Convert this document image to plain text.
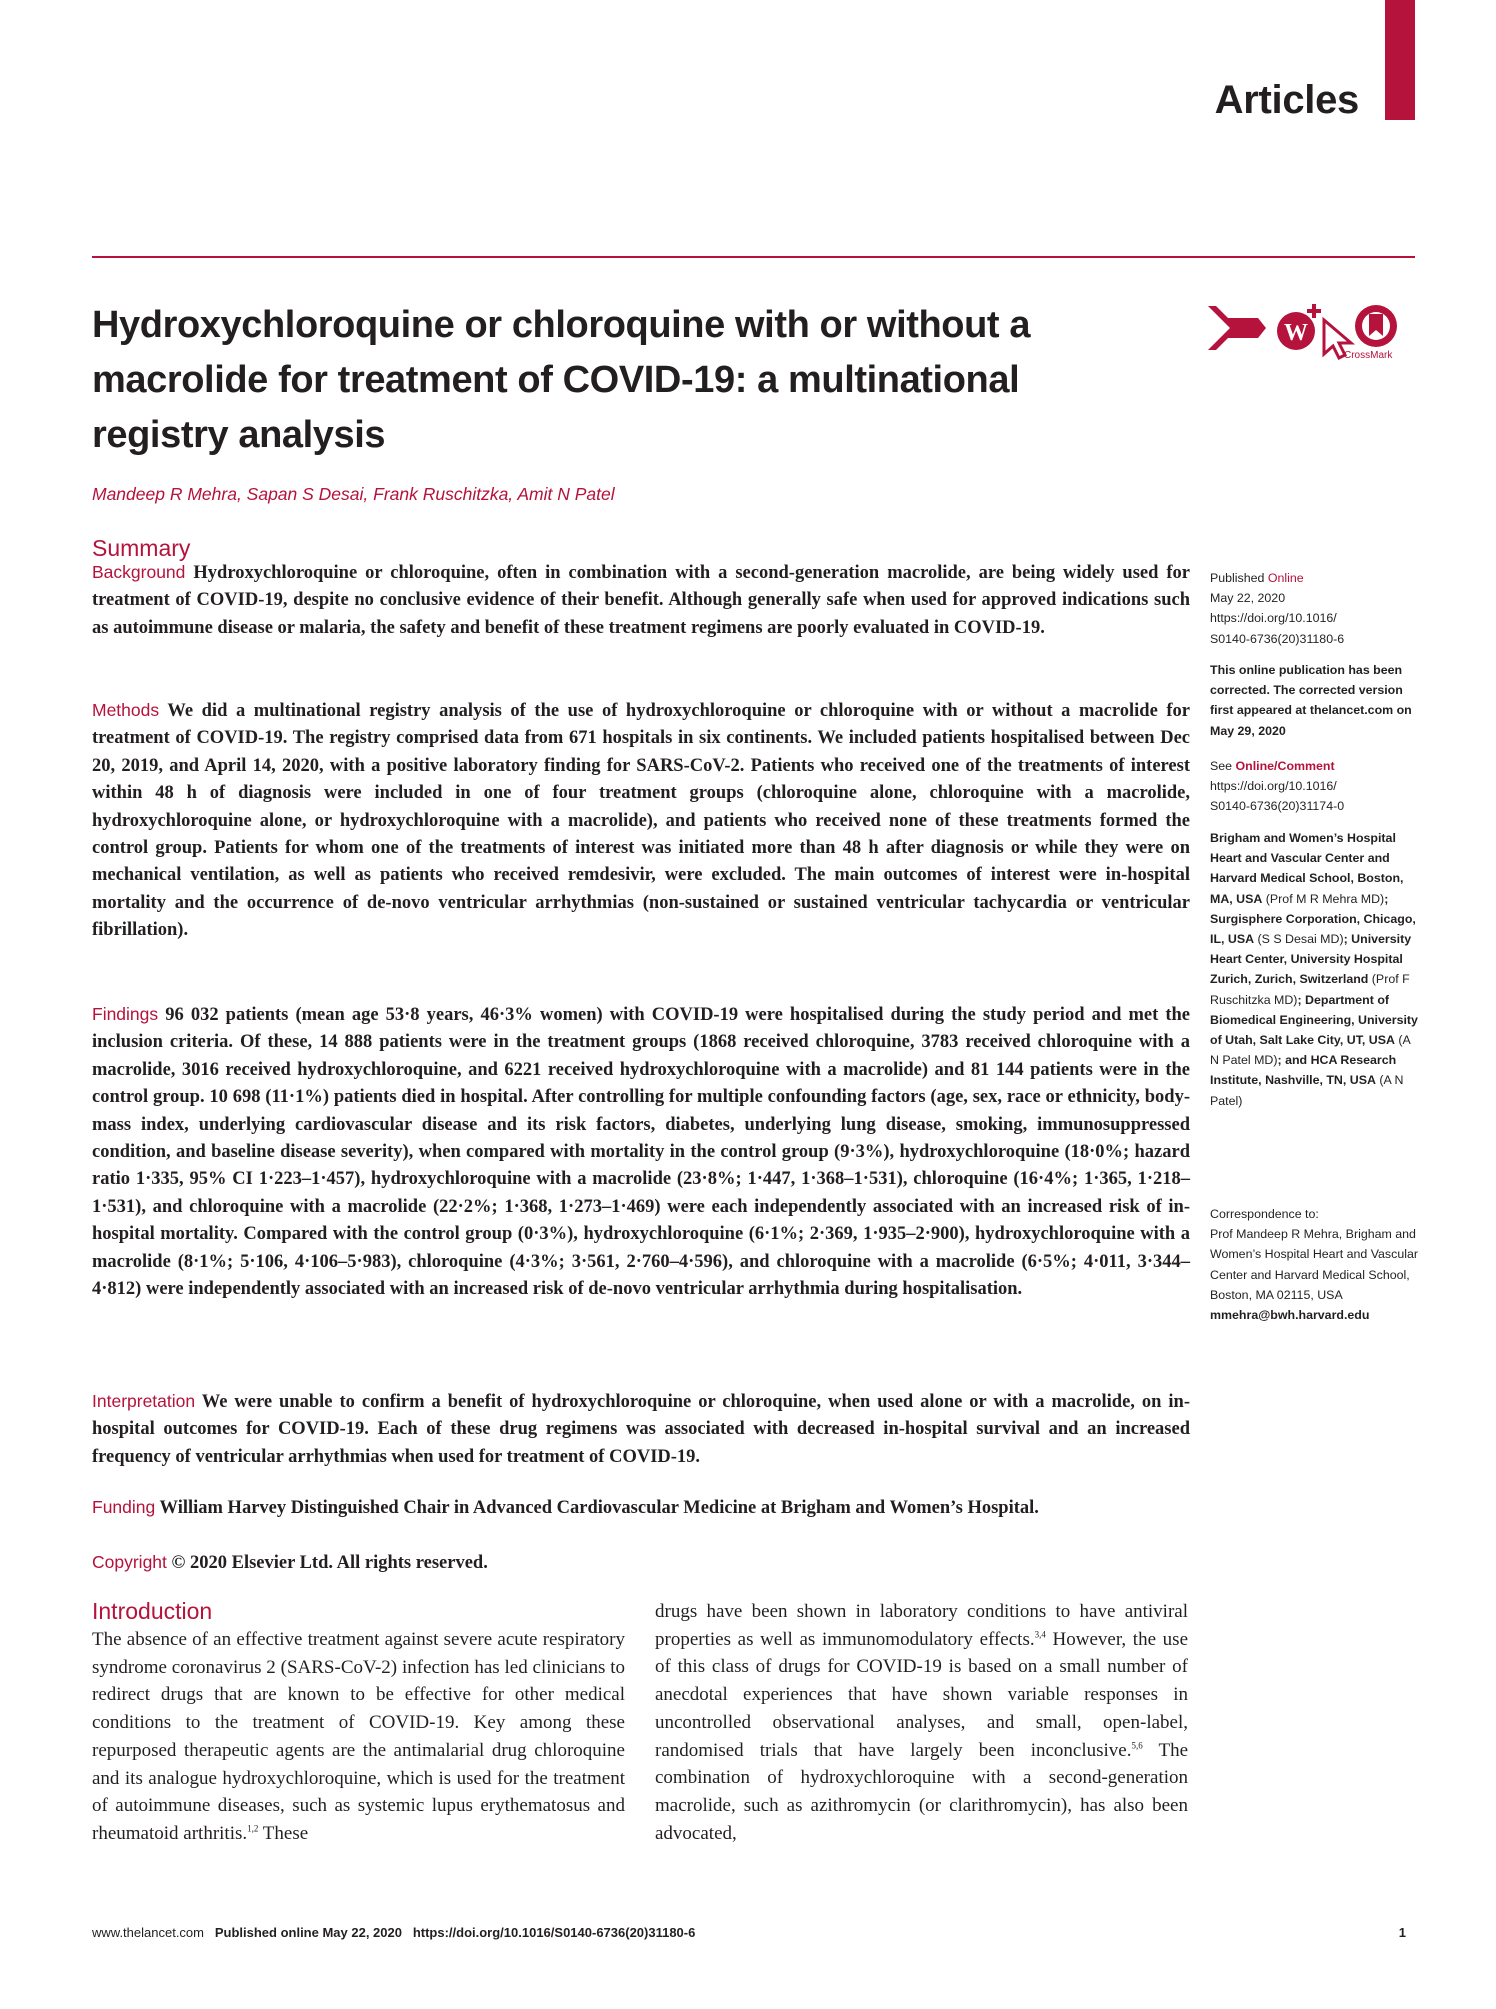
Articles
Hydroxychloroquine or chloroquine with or without a macrolide for treatment of COVID-19: a multinational registry analysis
W
CrossMark
Mandeep R Mehra, Sapan S Desai, Frank Ruschitzka, Amit N Patel
Summary

Background Hydroxychloroquine or chloroquine, often in combination with a second-generation macrolide, are being widely used for treatment of COVID-19, despite no conclusive evidence of their benefit. Although generally safe when used for approved indications such as autoimmune disease or malaria, the safety and benefit of these treatment regimens are poorly evaluated in COVID-19.

Methods We did a multinational registry analysis of the use of hydroxychloroquine or chloroquine with or without a macrolide for treatment of COVID-19. The registry comprised data from 671 hospitals in six continents. We included patients hospitalised between Dec 20, 2019, and April 14, 2020, with a positive laboratory finding for SARS-CoV-2. Patients who received one of the treatments of interest within 48 h of diagnosis were included in one of four treatment groups (chloroquine alone, chloroquine with a macrolide, hydroxychloroquine alone, or hydroxychloroquine with a macrolide), and patients who received none of these treatments formed the control group. Patients for whom one of the treatments of interest was initiated more than 48 h after diagnosis or while they were on mechanical ventilation, as well as patients who received remdesivir, were excluded. The main outcomes of interest were in-hospital mortality and the occurrence of de-novo ventricular arrhythmias (non-sustained or sustained ventricular tachycardia or ventricular fibrillation).

Findings 96 032 patients (mean age 53·8 years, 46·3% women) with COVID-19 were hospitalised during the study period and met the inclusion criteria. Of these, 14 888 patients were in the treatment groups (1868 received chloroquine, 3783 received chloroquine with a macrolide, 3016 received hydroxychloroquine, and 6221 received hydroxychloroquine with a macrolide) and 81 144 patients were in the control group. 10 698 (11·1%) patients died in hospital. After controlling for multiple confounding factors (age, sex, race or ethnicity, body-mass index, underlying cardiovascular disease and its risk factors, diabetes, underlying lung disease, smoking, immunosuppressed condition, and baseline disease severity), when compared with mortality in the control group (9·3%), hydroxychloroquine (18·0%; hazard ratio 1·335, 95% CI 1·223–1·457), hydroxychloroquine with a macrolide (23·8%; 1·447, 1·368–1·531), chloroquine (16·4%; 1·365, 1·218–1·531), and chloroquine with a macrolide (22·2%; 1·368, 1·273–1·469) were each independently associated with an increased risk of in-hospital mortality. Compared with the control group (0·3%), hydroxychloroquine (6·1%; 2·369, 1·935–2·900), hydroxychloroquine with a macrolide (8·1%; 5·106, 4·106–5·983), chloroquine (4·3%; 3·561, 2·760–4·596), and chloroquine with a macrolide (6·5%; 4·011, 3·344–4·812) were independently associated with an increased risk of de-novo ventricular arrhythmia during hospitalisation.

Interpretation We were unable to confirm a benefit of hydroxychloroquine or chloroquine, when used alone or with a macrolide, on in-hospital outcomes for COVID-19. Each of these drug regimens was associated with decreased in-hospital survival and an increased frequency of ventricular arrhythmias when used for treatment of COVID-19.

Funding William Harvey Distinguished Chair in Advanced Cardiovascular Medicine at Brigham and Women’s Hospital.

Copyright © 2020 Elsevier Ltd. All rights reserved.

Introduction

The absence of an effective treatment against severe acute respiratory syndrome coronavirus 2 (SARS-CoV-2) infection has led clinicians to redirect drugs that are known to be effective for other medical conditions to the treatment of COVID-19. Key among these repurposed therapeutic agents are the antimalarial drug chloroquine and its analogue hydroxychloroquine, which is used for the treatment of autoimmune diseases, such as systemic lupus erythematosus and rheumatoid arthritis.$^{1,2}$ These

drugs have been shown in laboratory conditions to have antiviral properties as well as immunomodulatory effects.$^{3,4}$ However, the use of this class of drugs for COVID-19 is based on a small number of anecdotal experiences that have shown variable responses in uncontrolled observational analyses, and small, open-label, randomised trials that have largely been inconclusive.$^{5,6}$ The combination of hydroxychloroquine with a second-generation macrolide, such as azithromycin (or clarithromycin), has also been advocated,

Published Online
May 22, 2020
https://doi.org/10.1016/
S0140-6736(20)31180-6
This online publication has been corrected. The corrected version first appeared at thelancet.com on May 29, 2020
See Online/Comment
https://doi.org/10.1016/
S0140-6736(20)31174-0
Brigham and Women’s Hospital Heart and Vascular Center and Harvard Medical School, Boston, MA, USA (Prof M R Mehra MD); Surgisphere Corporation, Chicago, IL, USA (S S Desai MD); University Heart Center, University Hospital Zurich, Zurich, Switzerland (Prof F Ruschitzka MD); Department of Biomedical Engineering, University of Utah, Salt Lake City, UT, USA (A N Patel MD); and HCA Research Institute, Nashville, TN, USA (A N Patel)
Correspondence to:
Prof Mandeep R Mehra, Brigham and Women’s Hospital Heart and Vascular Center and Harvard Medical School, Boston, MA 02115, USA
mmehra@bwh.harvard.edu
www.thelancet.com Published online May 22, 2020 https://doi.org/10.1016/S0140-6736(20)31180-6	1
